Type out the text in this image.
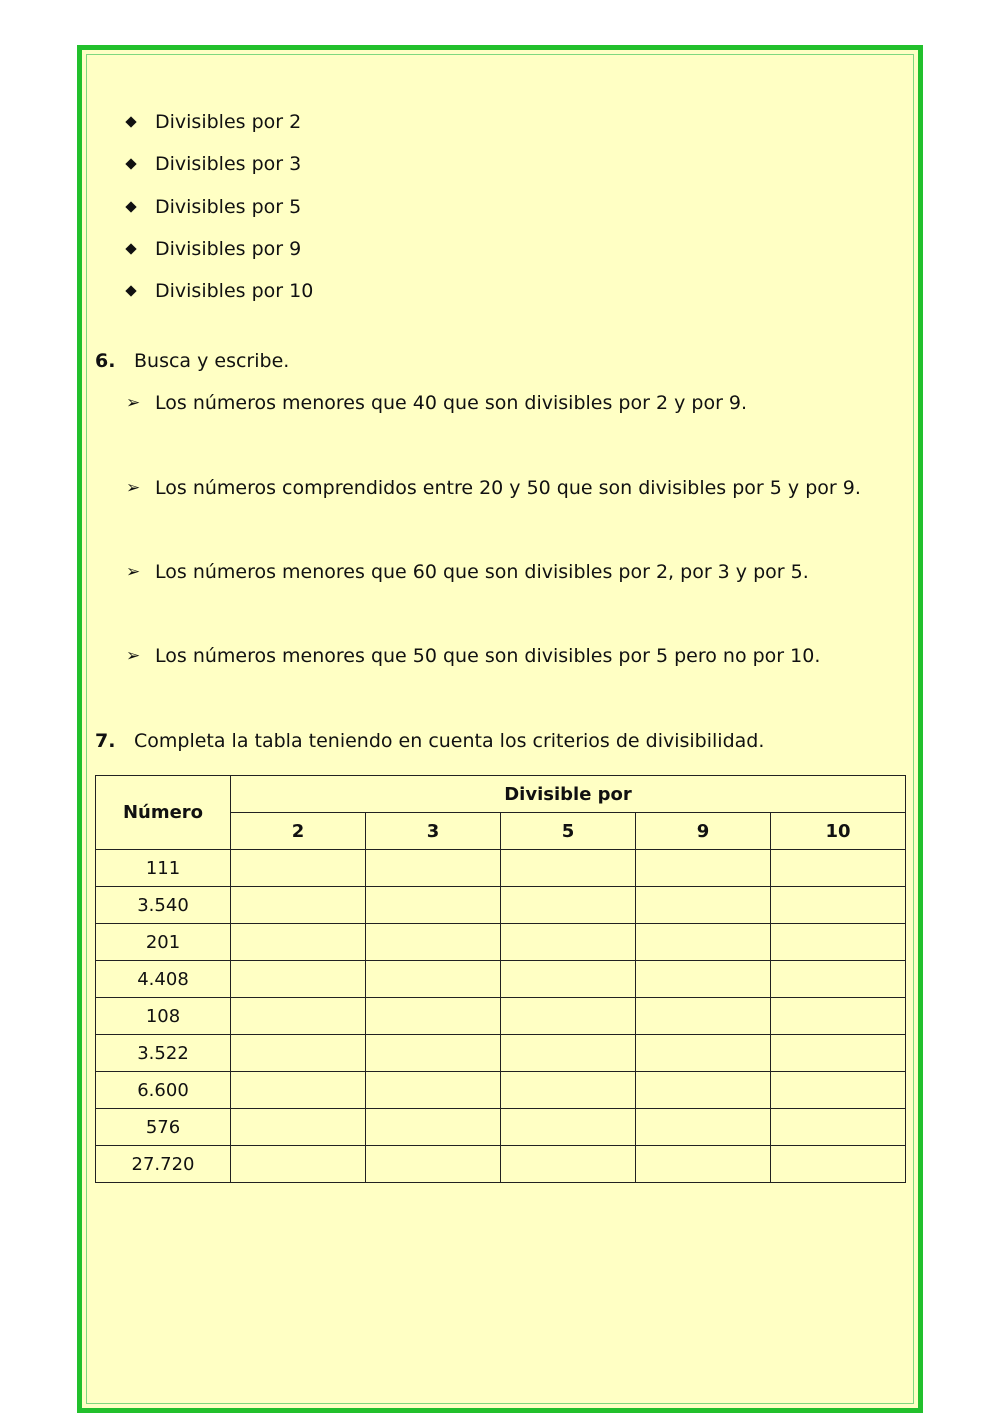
Divisibles por 2
Divisibles por 3
Divisibles por 5
Divisibles por 9
Divisibles por 10
6. Busca y escribe.
➢ Los números menores que 40 que son divisibles por 2 y por 9.
➢ Los números comprendidos entre 20 y 50 que son divisibles por 5 y por 9.
➢ Los números menores que 60 que son divisibles por 2, por 3 y por 5.
➢ Los números menores que 50 que son divisibles por 5 pero no por 10.
7. Completa la tabla teniendo en cuenta los criterios de divisibilidad.
Número	Divisible por				
	2	3	5	9	10
111					
3.540					
201					
4.408					
108					
3.522					
6.600					
576					
27.720					
